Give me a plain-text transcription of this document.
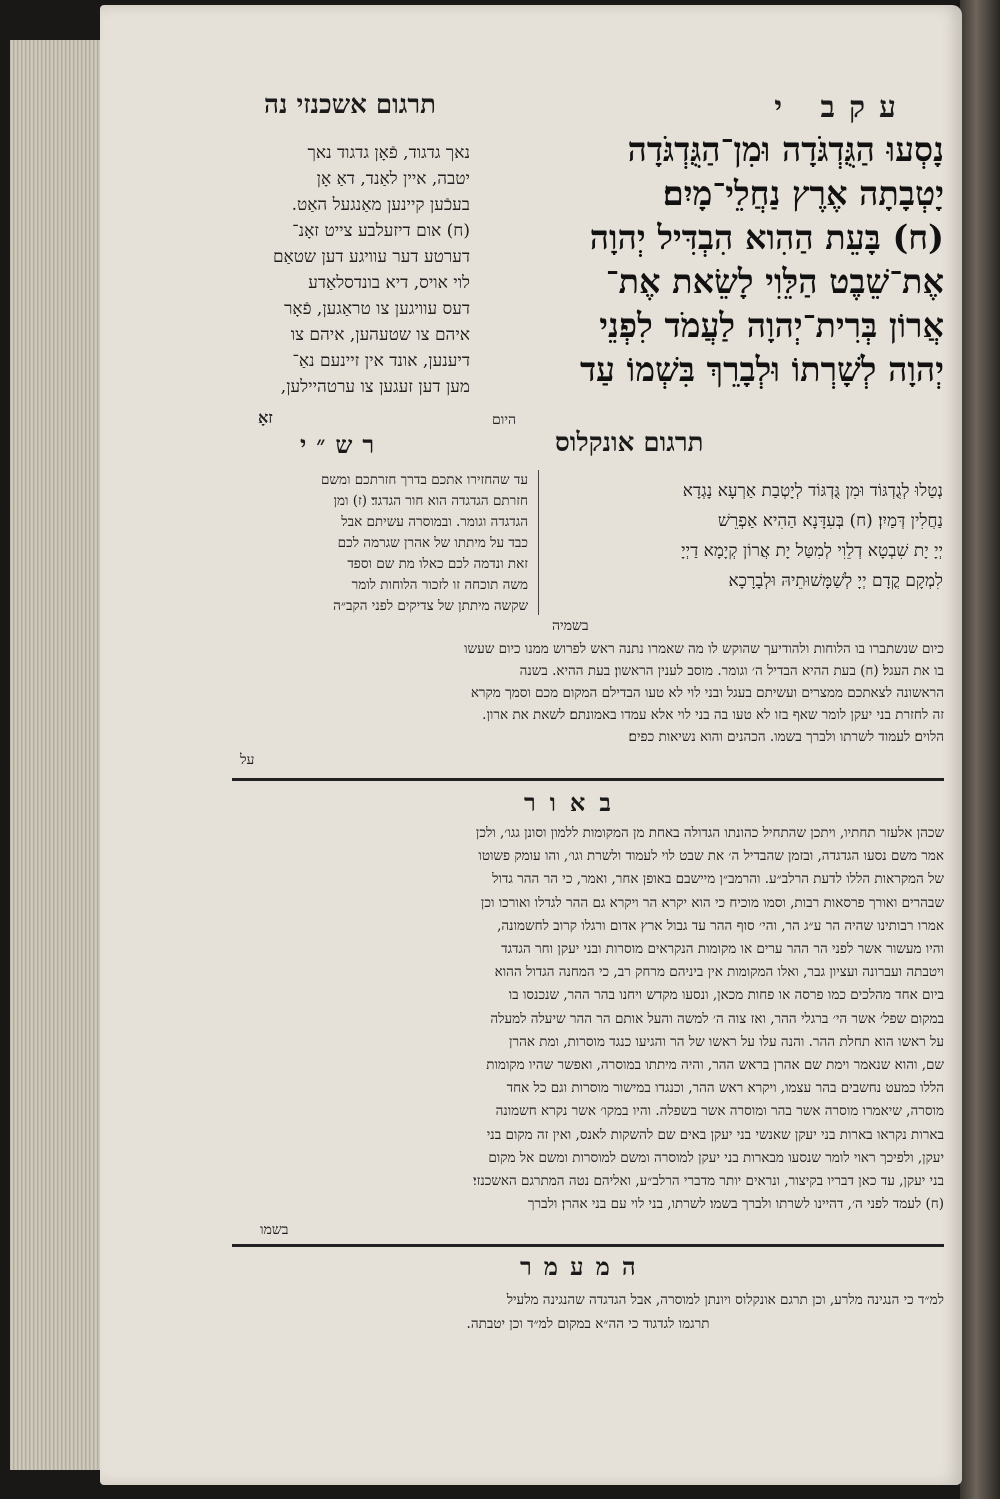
עקב י
תרגום אשכנזי נה
נָסְעוּ הַגֻּדְגֹּדָה וּמִן־הַגֻּדְגֹּדָה
יָטְבָתָה אֶרֶץ נַחֲלֵי־מָיִם׃
(ח) בָּעֵת הַהִוא הִבְדִּיל יְהוָה
אֶת־שֵׁבֶט הַלֵּוִי לָשֵׂאת אֶת־
אֲרוֹן בְּרִית־יְהוָה לַעֲמֹד לִפְנֵי
יְהוָה לְשָׁרְתוֹ וּלְבָרֵךְ בִּשְׁמוֹ עַד
היום
נאך גדגוד, פֿאָן גדגוד נאך
יטבה, איין לאַנד, דאַ אָן
בעכֿען קיינען מאַנגעל האַט.
(ח) אום דיזעלבע צייט זאָנ־
דערטע דער עוויגע דען שטאַם
לוי אויס, דיא בונדסלאַדע
דעס עוויגען צו טראַגען, פֿאָר
איהם צו שטעהען, איהם צו
דיענען, אונד אין זיינעם נאַ־
מען דען זעגען צו ערטהיילען,
זאָ
רש״י	תרגום אונקלוס
עד שהחזירו אתכם בדרך חזרתכם ומשם
חזרתם הגדגדה הוא חור הגדגד׃ (ז) ומן
הגדגדה וגומר. ובמוסרה עשיתם אבל
כבד על מיתתו של אהרן שגרמה לכם
זאת ונדמה לכם כאלו מת שם וספד
משה תוכחה זו לזכור הלוחות לומר
שקשה מיתתן של צדיקים לפני הקב״ה
נְטַלוּ לְגֻדְגּוֹד וּמִן גֻּדְגּוֹד לְיָטְבַת אַרְעָא נָגְדָא
נַחֲלִין דְּמַיִן׃ (ח) בְּעִדָּנָא הַהִיא אַפְרֵשׁ
יְיָ יָת שִׁבְטָא דְלֵוִי לְמִטַּל יָת אֲרוֹן קְיָמָא דַיְיָ
לִמְקָם קֳדָם יְיָ לְשַׁמָּשׁוּתֵיהּ וּלְבָרָכָא
בשמיה
כיום שנשתברו בו הלוחות ולהודיעך שהוקש לו מה שאמרו נתנה ראש לפרוש ממנו כיום שעשו
בו את העגל׃ (ח) בעת ההיא הבדיל ה׳ וגומר. מוסב לענין הראשון׃ בעת ההיא. בשנה
הראשונה לצאתכם ממצרים ועשיתם בעגל ובני לוי לא טעו הבדילם המקום מכם וסמך מקרא
זה לחזרת בני יעקן לומר שאף בזו לא טעו בה בני לוי אלא עמדו באמונתם׃ לשאת את ארון.
הלוים׃ לעמוד לשרתו ולברך בשמו. הכהנים והוא נשיאות כפים׃
על
באור
שכהן אלעזר תחתיו, ויתכן שהתחיל כהונתו הגדולה באחת מן המקומות ללמון וסונן גגו׳, ולכן
אמר משם נסעו הגדגדה, ובזמן שהבדיל ה׳ את שבט לוי לעמוד ולשרת וגו׳, והו עומק פשוטו
של המקראות הללו לדעת הרלב״ע. והרמב״ן מיישבם באופן אחר, ואמר, כי הר ההר גדול
שבהרים ואורך פרסאות רבות, וסמו מוכיח כי הוא יקרא הר ויקרא גם ההר לגדלו ואורכו וכן
אמרו רבותינו שהיה הר ע״ג הר, והי׳ סוף ההר עד גבול ארץ אדום ורגלו קרוב לחשמונה,
והיו מעשור אשר לפני הר ההר ערים או מקומות הנקראים מוסרות ובני יעקן וחר הגדגד
ויטבתה ועברונה ועציון גבר, ואלו המקומות אין ביניהם מרחק רב, כי המחנה הגדול ההוא
ביום אחד מהלכים כמו פרסה או פחות מכאן, ונסעו מקדש ויחנו בהר ההר, שנכנסו בו
במקום שפל׳ אשר הי׳ ברגלי ההר, ואז צוה ה׳ למשה והעל אותם הר ההר שיעלה למעלה
על ראשו הוא תחלת ההר. והנה עלו על ראשו של הר והגיעו כנגד מוסרות, ומת אהרן
שם, והוא שנאמר וימת שם אהרן בראש ההר, והיה מיתתו במוסרה, ואפשר שהיו מקומות
הללו כמעט נחשבים בהר עצמו, ויקרא ראש ההר, וכנגדו במישור מוסרות וגם כל אחד
מוסרה, שיאמרו מוסרה אשר בהר ומוסרה אשר בשפלה. והיו במקו׳ אשר נקרא חשמונה
בארות נקראו בארות בני יעקן שאנשי בני יעקן באים שם להשקות לאנס, ואין זה מקום בני
יעקן, ולפיכך ראוי לומר שנסעו מבארות בני יעקן למוסרה ומשם למוסרות ומשם אל מקום
בני יעקן, עד כאן דבריו בקיצור, ונראים יותר מדברי הרלב״ע, ואליהם נטה המתרגם האשכנזי׃
(ח) לעמד לפני ה׳, דהיינו לשרתו ולברך בשמו׃ לשרתו, בני לוי עם בני אהרן׃ ולברך
בשמו
המעמר
למ״ד כי הנגינה מלרע, וכן תרגם אונקלוס ויונתן למוסרה, אבל הגדגדה שהנגינה מלעיל
תרגמו לגדגוד כי הה״א במקום למ״ד וכן יטבתה.
